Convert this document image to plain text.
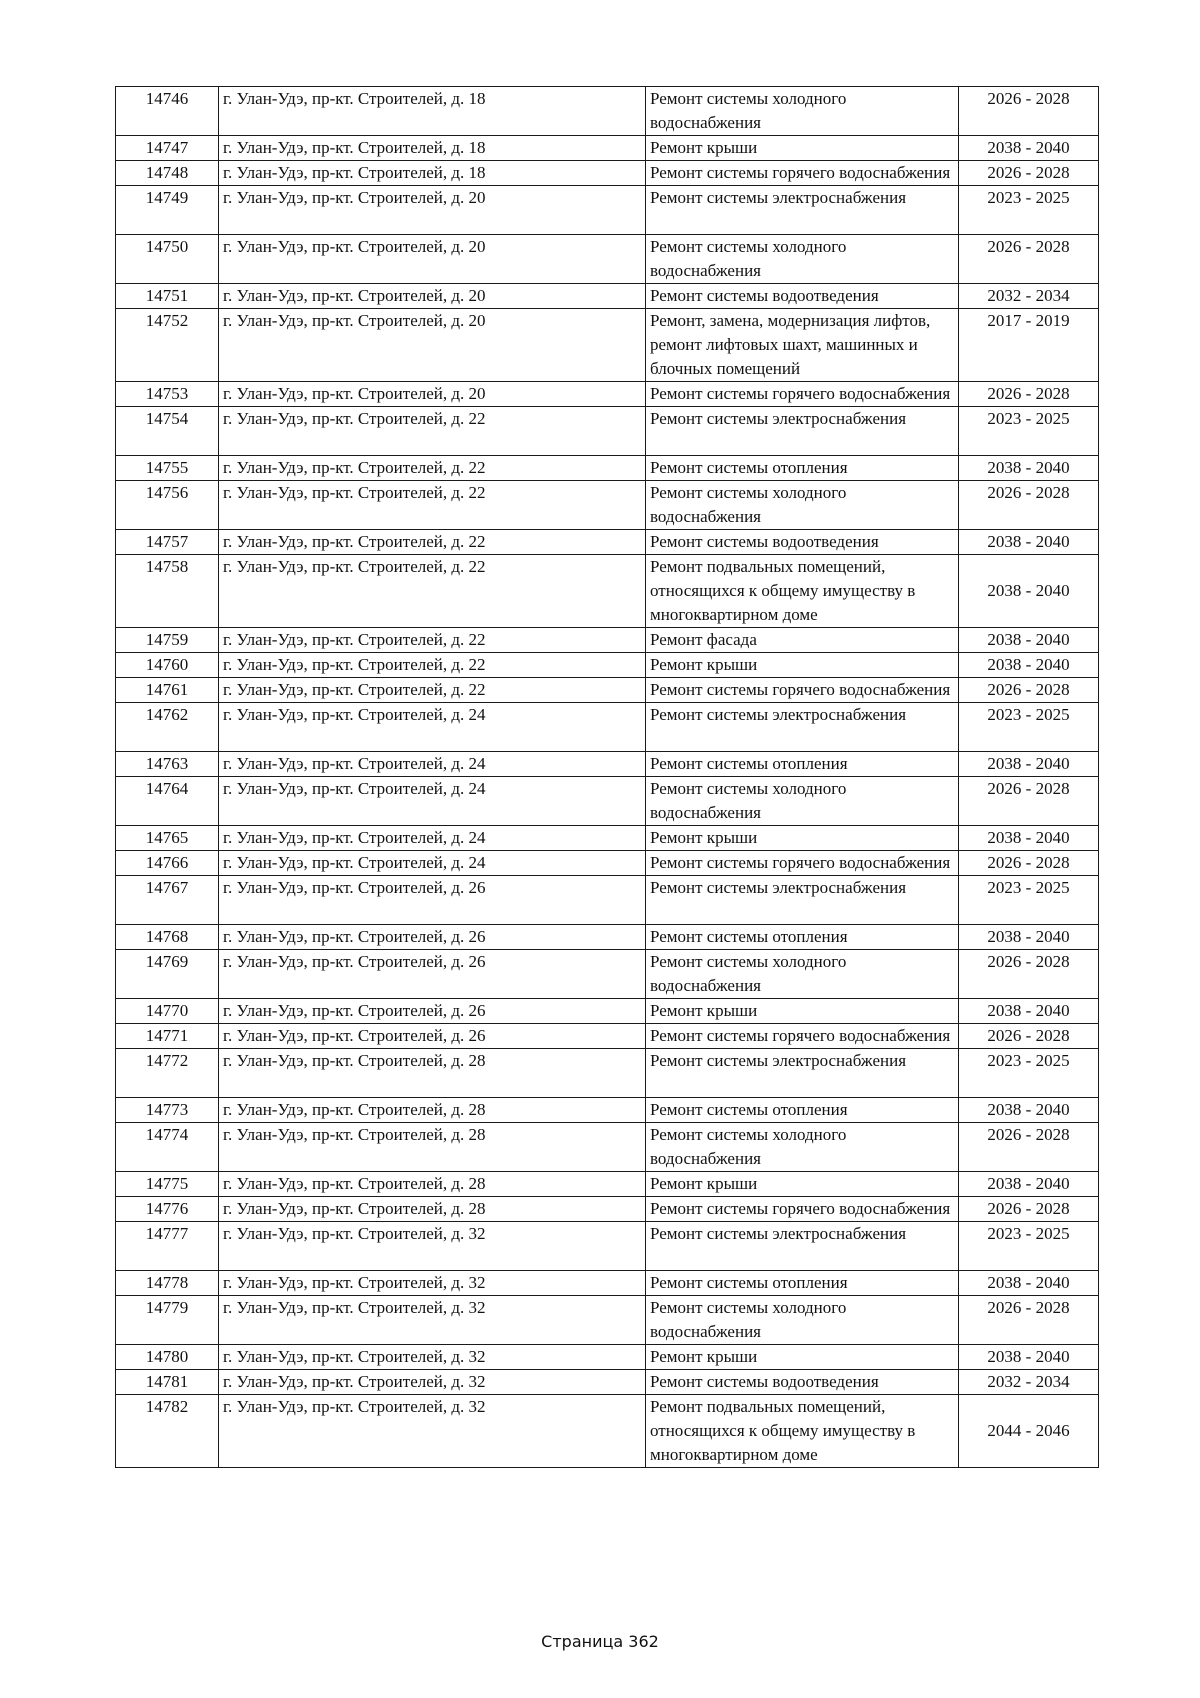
14746	г. Улан-Удэ, пр-кт. Строителей, д. 18	Ремонт системы холодного водоснабжения	2026 - 2028
14747	г. Улан-Удэ, пр-кт. Строителей, д. 18	Ремонт крыши	2038 - 2040
14748	г. Улан-Удэ, пр-кт. Строителей, д. 18	Ремонт системы горячего водоснабжения	2026 - 2028
14749	г. Улан-Удэ, пр-кт. Строителей, д. 20	Ремонт системы электроснабжения	2023 - 2025
14750	г. Улан-Удэ, пр-кт. Строителей, д. 20	Ремонт системы холодного водоснабжения	2026 - 2028
14751	г. Улан-Удэ, пр-кт. Строителей, д. 20	Ремонт системы водоотведения	2032 - 2034
14752	г. Улан-Удэ, пр-кт. Строителей, д. 20	Ремонт, замена, модернизация лифтов, ремонт лифтовых шахт, машинных и блочных помещений	2017 - 2019
14753	г. Улан-Удэ, пр-кт. Строителей, д. 20	Ремонт системы горячего водоснабжения	2026 - 2028
14754	г. Улан-Удэ, пр-кт. Строителей, д. 22	Ремонт системы электроснабжения	2023 - 2025
14755	г. Улан-Удэ, пр-кт. Строителей, д. 22	Ремонт системы отопления	2038 - 2040
14756	г. Улан-Удэ, пр-кт. Строителей, д. 22	Ремонт системы холодного водоснабжения	2026 - 2028
14757	г. Улан-Удэ, пр-кт. Строителей, д. 22	Ремонт системы водоотведения	2038 - 2040
14758	г. Улан-Удэ, пр-кт. Строителей, д. 22	Ремонт подвальных помещений, относящихся к общему имуществу в многоквартирном доме	2038 - 2040
14759	г. Улан-Удэ, пр-кт. Строителей, д. 22	Ремонт фасада	2038 - 2040
14760	г. Улан-Удэ, пр-кт. Строителей, д. 22	Ремонт крыши	2038 - 2040
14761	г. Улан-Удэ, пр-кт. Строителей, д. 22	Ремонт системы горячего водоснабжения	2026 - 2028
14762	г. Улан-Удэ, пр-кт. Строителей, д. 24	Ремонт системы электроснабжения	2023 - 2025
14763	г. Улан-Удэ, пр-кт. Строителей, д. 24	Ремонт системы отопления	2038 - 2040
14764	г. Улан-Удэ, пр-кт. Строителей, д. 24	Ремонт системы холодного водоснабжения	2026 - 2028
14765	г. Улан-Удэ, пр-кт. Строителей, д. 24	Ремонт крыши	2038 - 2040
14766	г. Улан-Удэ, пр-кт. Строителей, д. 24	Ремонт системы горячего водоснабжения	2026 - 2028
14767	г. Улан-Удэ, пр-кт. Строителей, д. 26	Ремонт системы электроснабжения	2023 - 2025
14768	г. Улан-Удэ, пр-кт. Строителей, д. 26	Ремонт системы отопления	2038 - 2040
14769	г. Улан-Удэ, пр-кт. Строителей, д. 26	Ремонт системы холодного водоснабжения	2026 - 2028
14770	г. Улан-Удэ, пр-кт. Строителей, д. 26	Ремонт крыши	2038 - 2040
14771	г. Улан-Удэ, пр-кт. Строителей, д. 26	Ремонт системы горячего водоснабжения	2026 - 2028
14772	г. Улан-Удэ, пр-кт. Строителей, д. 28	Ремонт системы электроснабжения	2023 - 2025
14773	г. Улан-Удэ, пр-кт. Строителей, д. 28	Ремонт системы отопления	2038 - 2040
14774	г. Улан-Удэ, пр-кт. Строителей, д. 28	Ремонт системы холодного водоснабжения	2026 - 2028
14775	г. Улан-Удэ, пр-кт. Строителей, д. 28	Ремонт крыши	2038 - 2040
14776	г. Улан-Удэ, пр-кт. Строителей, д. 28	Ремонт системы горячего водоснабжения	2026 - 2028
14777	г. Улан-Удэ, пр-кт. Строителей, д. 32	Ремонт системы электроснабжения	2023 - 2025
14778	г. Улан-Удэ, пр-кт. Строителей, д. 32	Ремонт системы отопления	2038 - 2040
14779	г. Улан-Удэ, пр-кт. Строителей, д. 32	Ремонт системы холодного водоснабжения	2026 - 2028
14780	г. Улан-Удэ, пр-кт. Строителей, д. 32	Ремонт крыши	2038 - 2040
14781	г. Улан-Удэ, пр-кт. Строителей, д. 32	Ремонт системы водоотведения	2032 - 2034
14782	г. Улан-Удэ, пр-кт. Строителей, д. 32	Ремонт подвальных помещений, относящихся к общему имуществу в многоквартирном доме	2044 - 2046
Страница 362
